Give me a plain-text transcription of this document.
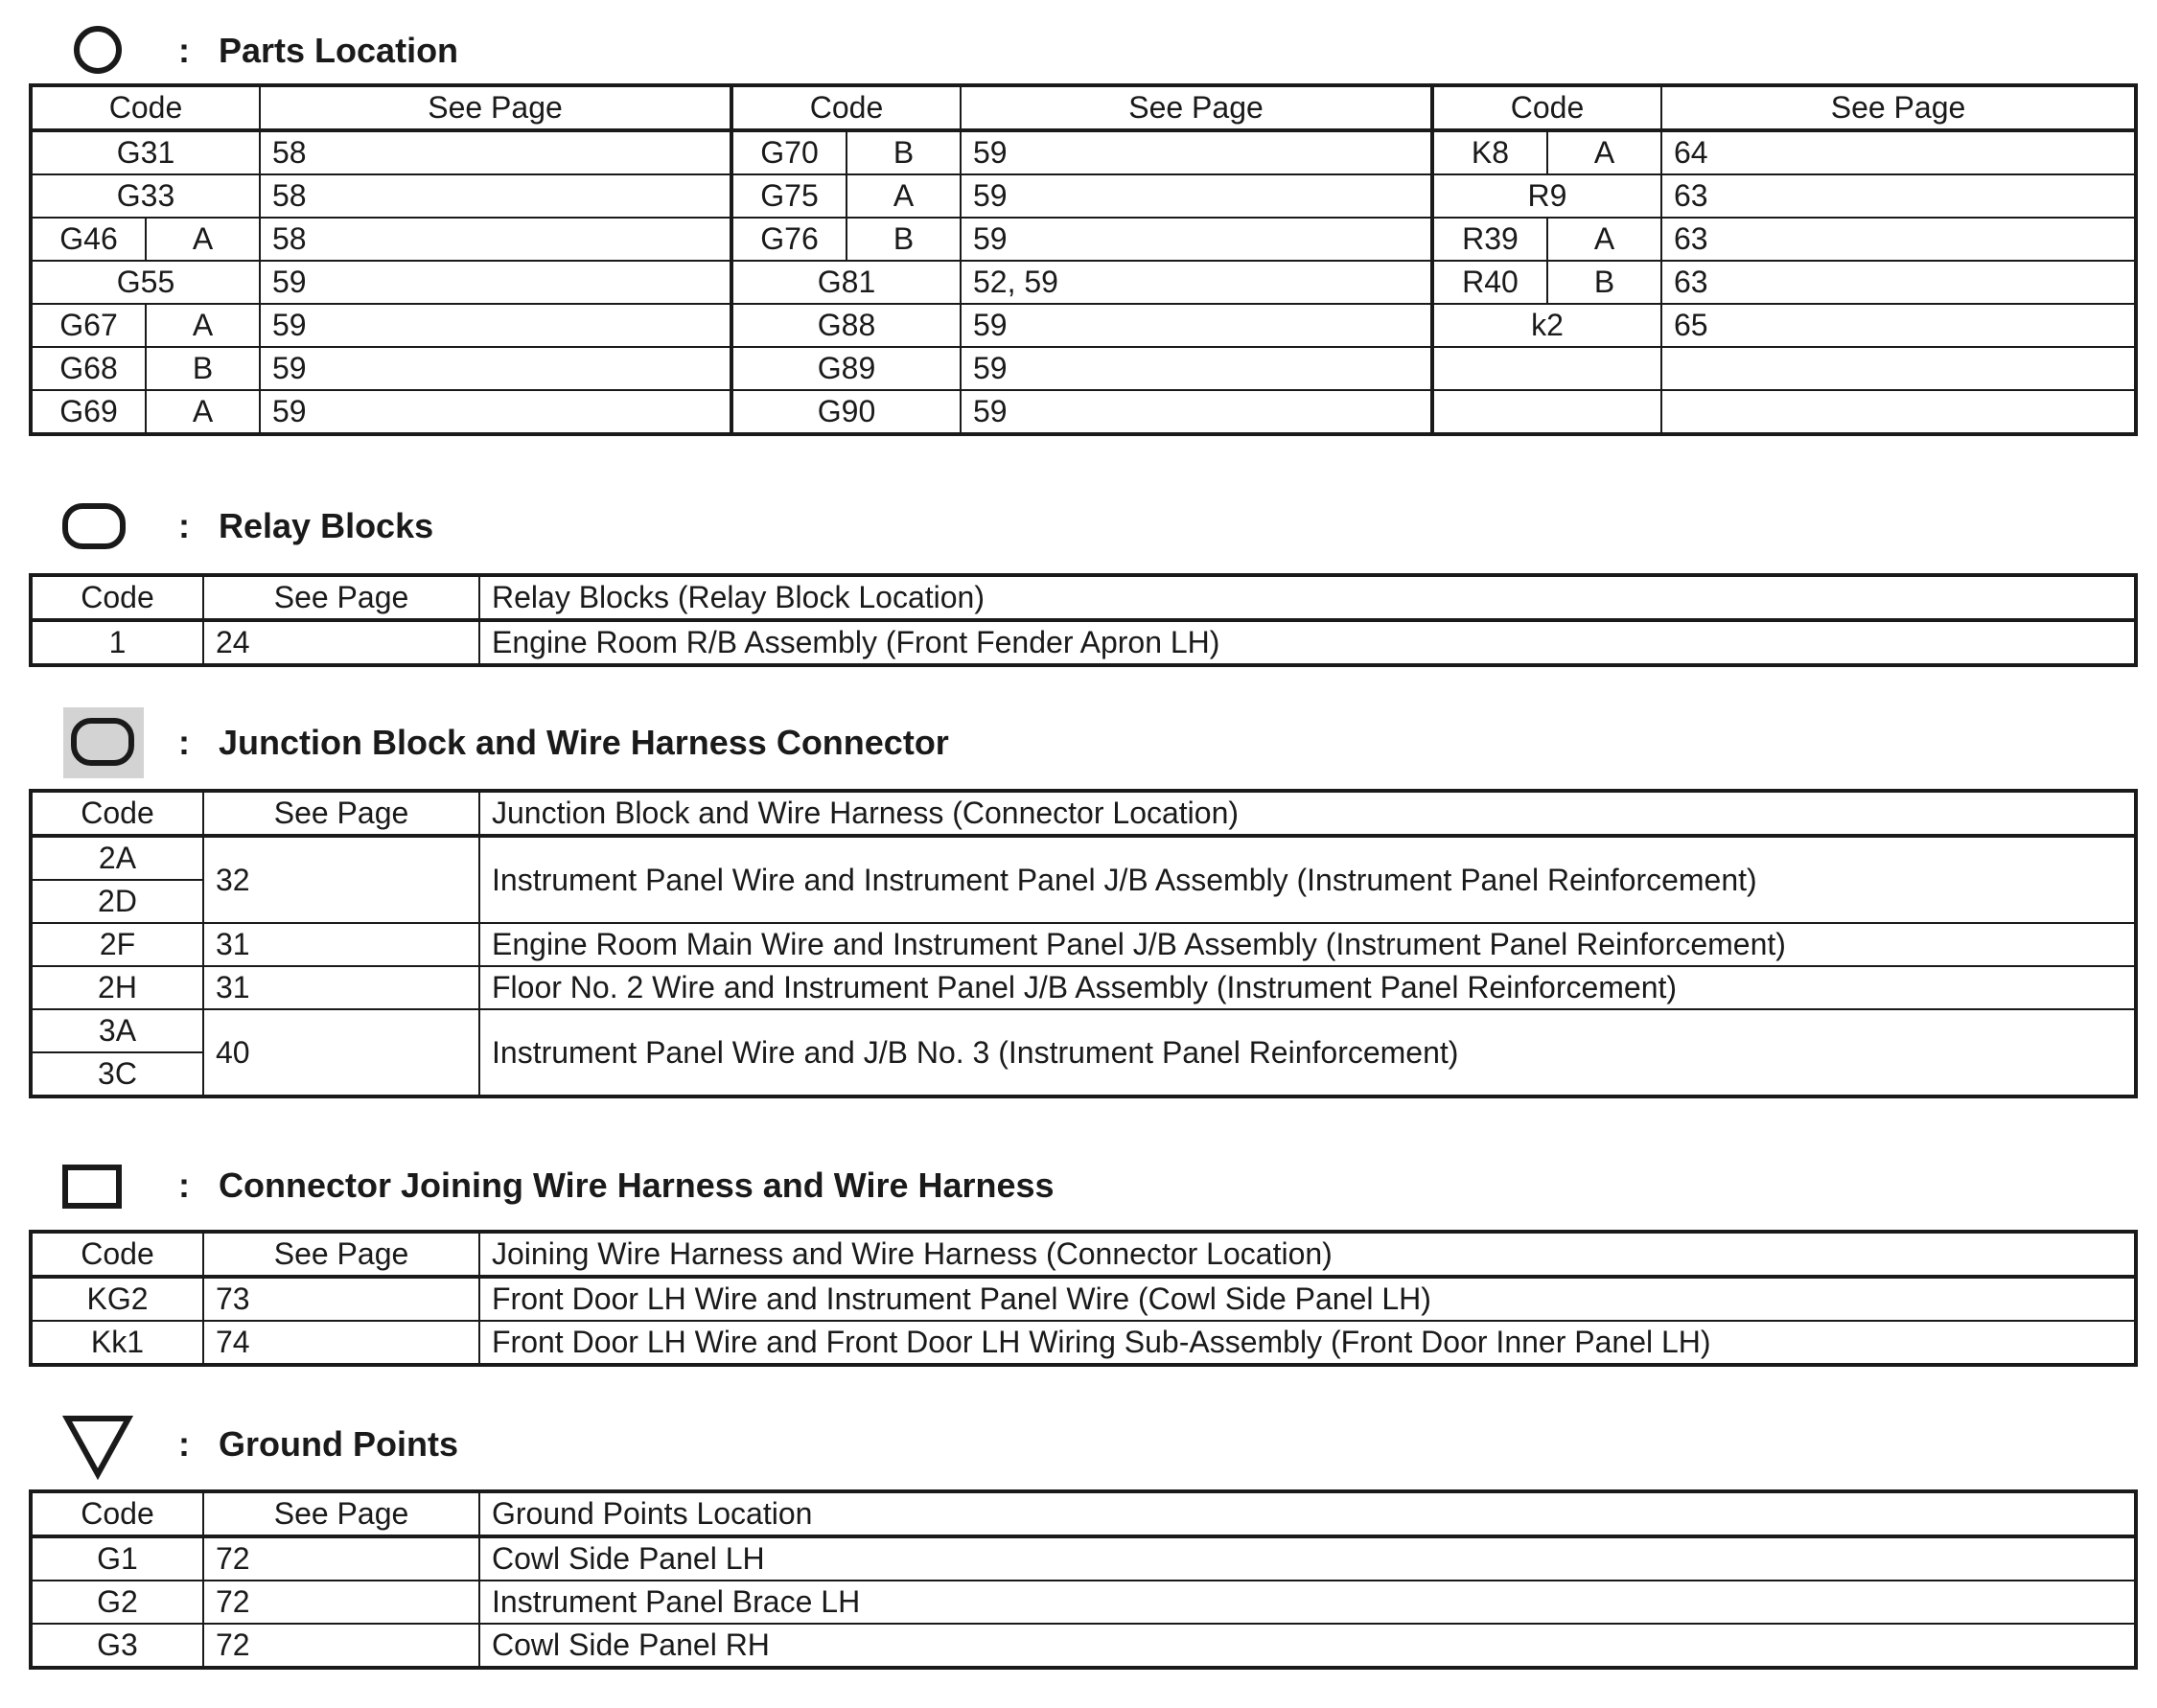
: Parts Location
Code		See Page	Code		See Page	Code		See Page
G31		58	G70	B	59	K8	A	64
G33		58	G75	A	59	R9		63
G46	A	58	G76	B	59	R39	A	63
G55		59	G81		52, 59	R40	B	63
G67	A	59	G88		59	k2		65
G68	B	59	G89		59			
G69	A	59	G90		59			
: Relay Blocks
Code	See Page	Relay Blocks (Relay Block Location)
1	24	Engine Room R/B Assembly (Front Fender Apron LH)
: Junction Block and Wire Harness Connector
Code	See Page	Junction Block and Wire Harness (Connector Location)
2A	32	Instrument Panel Wire and Instrument Panel J/B Assembly (Instrument Panel Reinforcement)
2D		
2F	31	Engine Room Main Wire and Instrument Panel J/B Assembly (Instrument Panel Reinforcement)
2H	31	Floor No. 2 Wire and Instrument Panel J/B Assembly (Instrument Panel Reinforcement)
3A	40	Instrument Panel Wire and J/B No. 3 (Instrument Panel Reinforcement)
3C		
: Connector Joining Wire Harness and Wire Harness
Code	See Page	Joining Wire Harness and Wire Harness (Connector Location)
KG2	73	Front Door LH Wire and Instrument Panel Wire (Cowl Side Panel LH)
Kk1	74	Front Door LH Wire and Front Door LH Wiring Sub-Assembly (Front Door Inner Panel LH)
: Ground Points
Code	See Page	Ground Points Location
G1	72	Cowl Side Panel LH
G2	72	Instrument Panel Brace LH
G3	72	Cowl Side Panel RH
